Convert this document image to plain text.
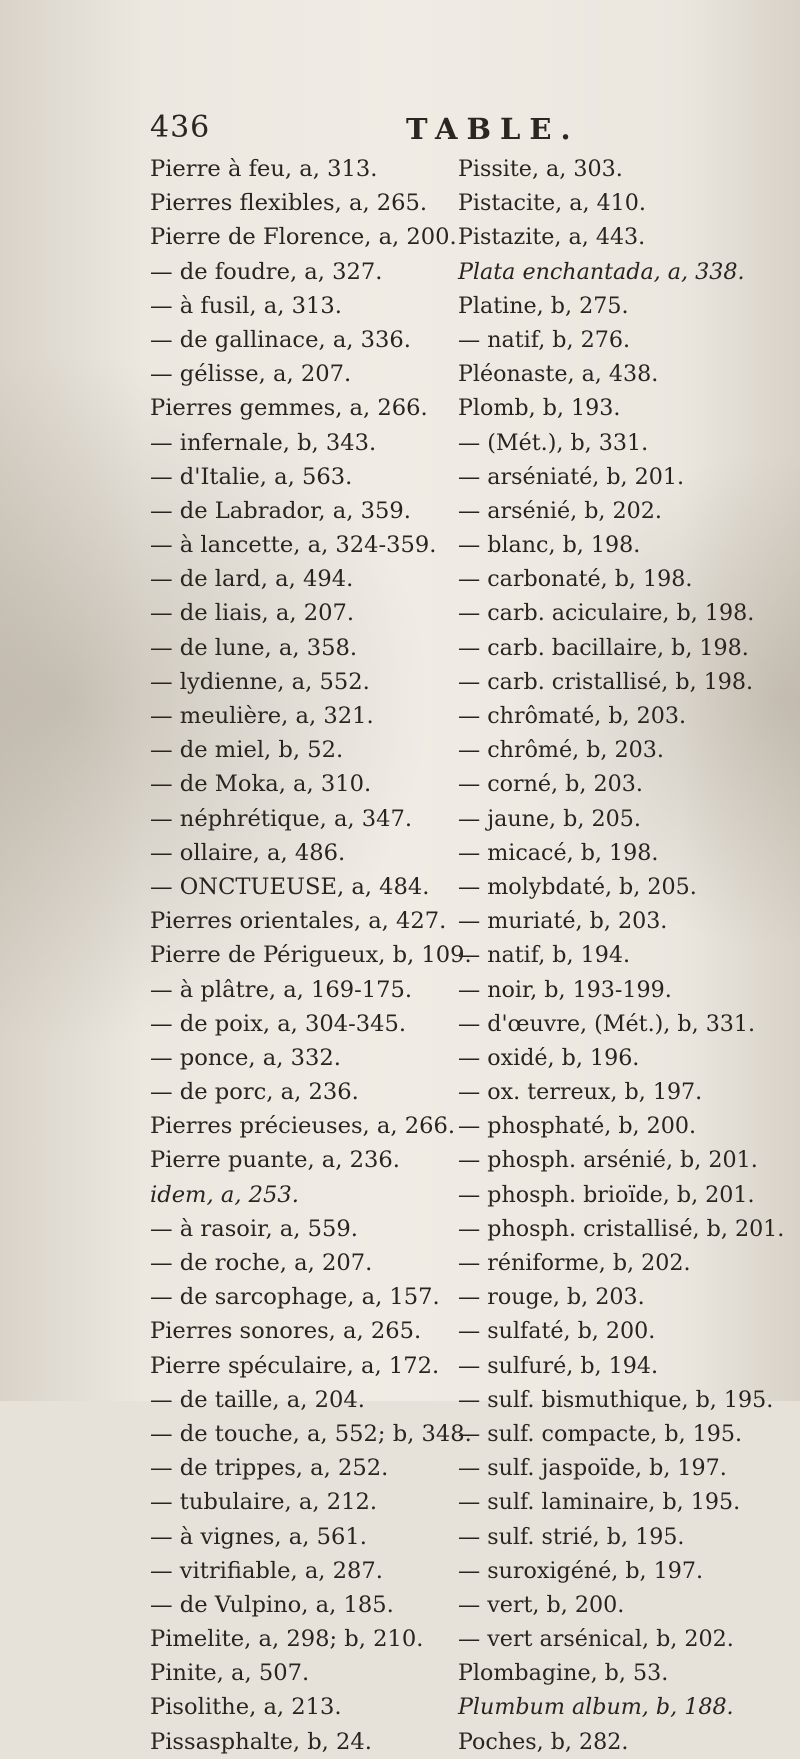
436	TABLE.
Pierre à feu, a, 313.
Pierres flexibles, a, 265.
Pierre de Florence, a, 200.
— de foudre, a, 327.
— à fusil, a, 313.
— de gallinace, a, 336.
— gélisse, a, 207.
Pierres gemmes, a, 266.
— infernale, b, 343.
— d'Italie, a, 563.
— de Labrador, a, 359.
— à lancette, a, 324-359.
— de lard, a, 494.
— de liais, a, 207.
— de lune, a, 358.
— lydienne, a, 552.
— meulière, a, 321.
— de miel, b, 52.
— de Moka, a, 310.
— néphrétique, a, 347.
— ollaire, a, 486.
— ONCTUEUSE, a, 484.
Pierres orientales, a, 427.
Pierre de Périgueux, b, 109.
— à plâtre, a, 169-175.
— de poix, a, 304-345.
— ponce, a, 332.
— de porc, a, 236.
Pierres précieuses, a, 266.
Pierre puante, a, 236.
idem, a, 253.
— à rasoir, a, 559.
— de roche, a, 207.
— de sarcophage, a, 157.
Pierres sonores, a, 265.
Pierre spéculaire, a, 172.
— de taille, a, 204.
— de touche, a, 552; b, 348.
— de trippes, a, 252.
— tubulaire, a, 212.
— à vignes, a, 561.
— vitrifiable, a, 287.
— de Vulpino, a, 185.
Pimelite, a, 298; b, 210.
Pinite, a, 507.
Pisolithe, a, 213.
Pissasphalte, b, 24.
Pissite, a, 303.
Pistacite, a, 410.
Pistazite, a, 443.
Plata enchantada, a, 338.
Platine, b, 275.
— natif, b, 276.
Pléonaste, a, 438.
Plomb, b, 193.
— (Mét.), b, 331.
— arséniaté, b, 201.
— arsénié, b, 202.
— blanc, b, 198.
— carbonaté, b, 198.
— carb. aciculaire, b, 198.
— carb. bacillaire, b, 198.
— carb. cristallisé, b, 198.
— chrômaté, b, 203.
— chrômé, b, 203.
— corné, b, 203.
— jaune, b, 205.
— micacé, b, 198.
— molybdaté, b, 205.
— muriaté, b, 203.
— natif, b, 194.
— noir, b, 193-199.
— d'œuvre, (Mét.), b, 331.
— oxidé, b, 196.
— ox. terreux, b, 197.
— phosphaté, b, 200.
— phosph. arsénié, b, 201.
— phosph. brioïde, b, 201.
— phosph. cristallisé, b, 201.
— réniforme, b, 202.
— rouge, b, 203.
— sulfaté, b, 200.
— sulfuré, b, 194.
— sulf. bismuthique, b, 195.
— sulf. compacte, b, 195.
— sulf. jaspoïde, b, 197.
— sulf. laminaire, b, 195.
— sulf. strié, b, 195.
— suroxigéné, b, 197.
— vert, b, 200.
— vert arsénical, b, 202.
Plombagine, b, 53.
Plumbum album, b, 188.
Poches, b, 282.
